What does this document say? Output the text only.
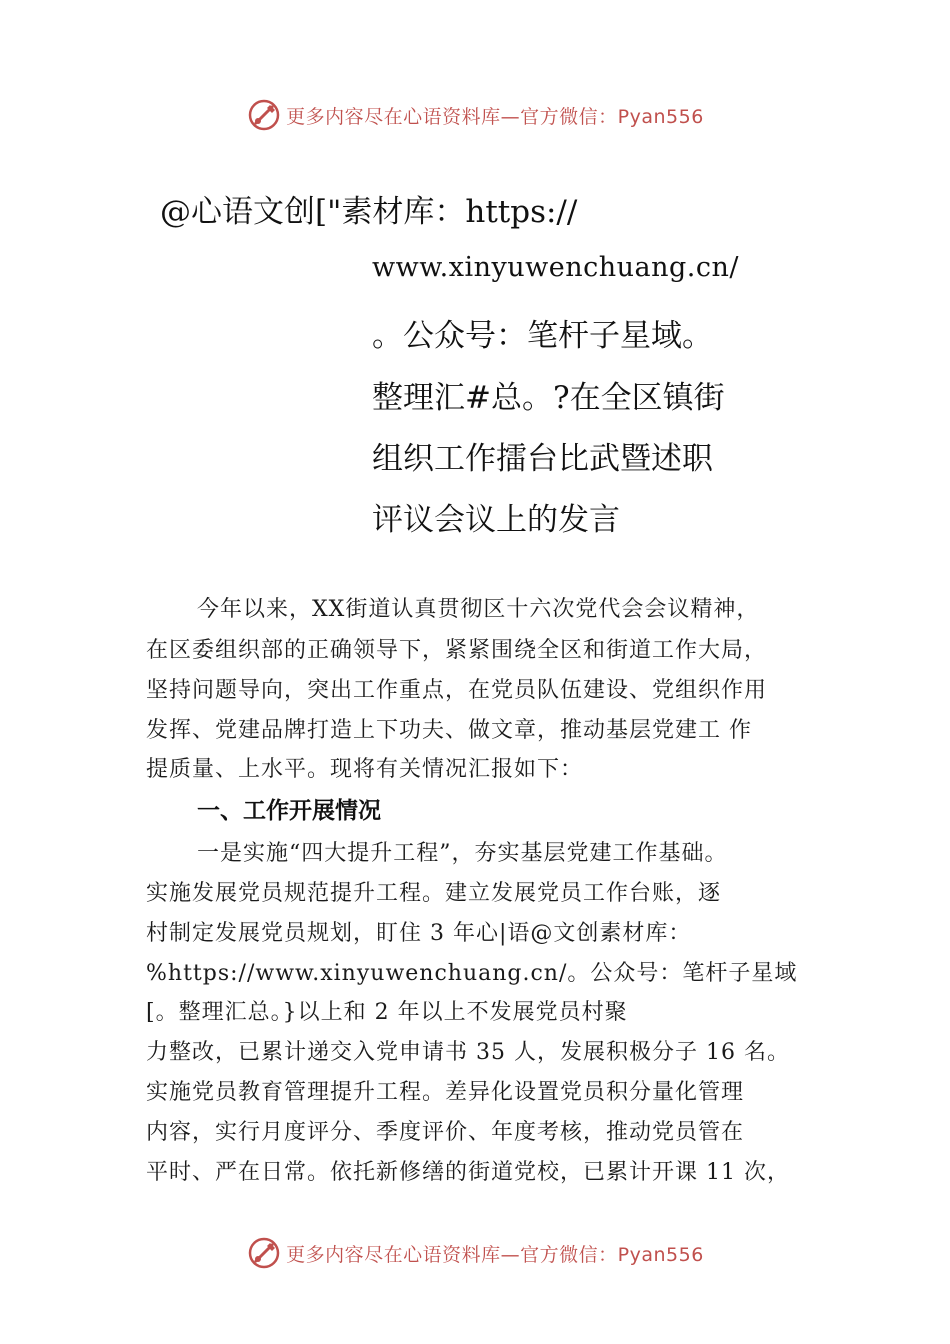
更多内容尽在心语资料库—官方微信：Pyan556
@心语文创["素材库：https://
www.xinyuwenchuang.cn/
。公众号：笔杆子星域。
整理汇#总。?在全区镇街
组织工作擂台比武暨述职
评议会议上的发言
今年以来，XX街道认真贯彻区十六次党代会会议精神，
在区委组织部的正确领导下，紧紧围绕全区和街道工作大局，
坚持问题导向，突出工作重点，在党员队伍建设、党组织作用
发挥、党建品牌打造上下功夫、做文章，推动基层党建工 作
提质量、上水平。现将有关情况汇报如下：
一、工作开展情况
一是实施“四大提升工程”，夯实基层党建工作基础。
实施发展党员规范提升工程。建立发展党员工作台账，逐
村制定发展党员规划，盯住 3 年心|语@文创素材库：
%https://www.xinyuwenchuang.cn/。公众号：笔杆子星域
[。整理汇总。}以上和 2 年以上不发展党员村聚
力整改，已累计递交入党申请书 35 人，发展积极分子 16 名。
实施党员教育管理提升工程。差异化设置党员积分量化管理
内容，实行月度评分、季度评价、年度考核，推动党员管在
平时、严在日常。依托新修缮的街道党校，已累计开课 11 次，
更多内容尽在心语资料库—官方微信：Pyan556
